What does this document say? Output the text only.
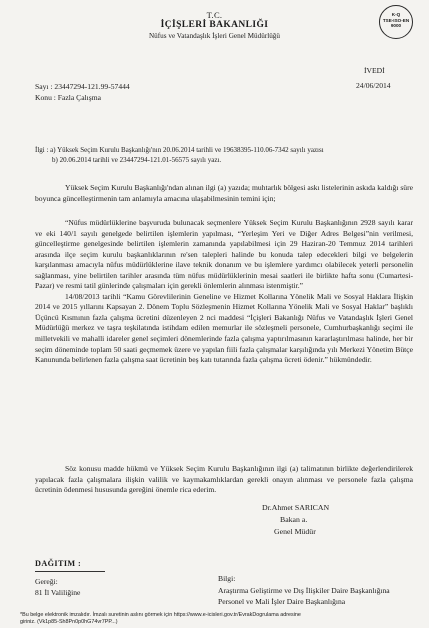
T.C.
İÇİŞLERİ BAKANLIĞI
Nüfus ve Vatandaşlık İşleri Genel Müdürlüğü
K-Q
TSE-ISO-EN
9000
İVEDİ
24/06/2014
Sayı : 23447294-121.99-57444
Konu : Fazla Çalışma
İlgi : a) Yüksek Seçim Kurulu Başkanlığı'nın 20.06.2014 tarihli ve 19638395-110.06-7342 sayılı yazısı
b) 20.06.2014 tarihli ve 23447294-121.01-56575 sayılı yazı.

Yüksek Seçim Kurulu Başkanlığı'ndan alınan ilgi (a) yazıda; muhtarlık bölgesi askı listelerinin askıda kaldığı süre boyunca güncelleştirmenin tam anlamıyla amacına ulaşabilmesinin temini için;

“Nüfus müdürlüklerine başvuruda bulunacak seçmenlere Yüksek Seçim Kurulu Başkanlığının 2928 sayılı karar ve eki 140/1 sayılı genelgede belirtilen işlemlerin yapılması, “Yerleşim Yeri ve Diğer Adres Belgesi”nin verilmesi, güncelleştirme genelgesinde belirtilen işlemlerin zamanında yapılabilmesi için 29 Haziran-20 Temmuz 2014 tarihleri arasında ilçe seçim kurulu başkanlıklarının re'sen talepleri halinde bu konuda talep edecekleri bilgi ve belgelerin karşılanması amacıyla nüfus müdürlüklerine ilave teknik donanım ve bu işlemlere yardımcı olabilecek yeterli personelin sağlanması, yine belirtilen tarihler arasında tüm nüfus müdürlüklerinin mesai saatleri ile birlikte hafta sonu (Cumartesi-Pazar) ve resmi tatil günlerinde çalışmaları için gerekli önlemlerin alınması istenmiştir.”

14/08/2013 tarihli “Kamu Görevlilerinin Geneline ve Hizmet Kollarına Yönelik Mali ve Sosyal Haklara İlişkin 2014 ve 2015 yıllarını Kapsayan 2. Dönem Toplu Sözleşmenin Hizmet Kollarına Yönelik Mali ve Sosyal Haklar” başlıklı Üçüncü Kısmının fazla çalışma ücretini düzenleyen 2 nci maddesi “İçişleri Bakanlığı Nüfus ve Vatandaşlık İşleri Genel Müdürlüğü merkez ve taşra teşkilatında istihdam edilen memurlar ile sözleşmeli personele, Cumhurbaşkanlığı seçimi ile milletvekili ve mahalli idareler genel seçimleri dönemlerinde fazla çalışma yaptırılmasının kararlaştırılması halinde, her bir seçim döneminde toplam 50 saati geçmemek üzere ve yapılan fiili fazla çalışmalar karşılığında yılı Merkezi Yönetim Bütçe Kanununda belirlenen fazla çalışma saat ücretinin beş katı tutarında fazla çalışma ücreti ödenir.” hükmündedir.

Söz konusu madde hükmü ve Yüksek Seçim Kurulu Başkanlığının ilgi (a) talimatının birlikte değerlendirilerek yapılacak fazla çalışmalara ilişkin valilik ve kaymakamlıklardan gerekli onayın alınması ve personele fazla çalışma ücretinin ödenmesi hususunda gereğini önemle rica ederim.

Dr.Ahmet SARICAN
Bakan a.
Genel Müdür
DAĞITIM :
Gereği:
81 İl Valiliğine
Bilgi:
Araştırma Geliştirme ve Dış İlişkiler Daire Başkanlığına
Personel ve Mali İşler Daire Başkanlığına
*Bu belge elektronik imzalıdır. İmzalı suretinin aslını görmek için https://www.e-icisleri.gov.tr/EvrakDogrulama adresine
giriniz. (Vk1p85-Sh8Pn0p0hG74vr7PP...)
